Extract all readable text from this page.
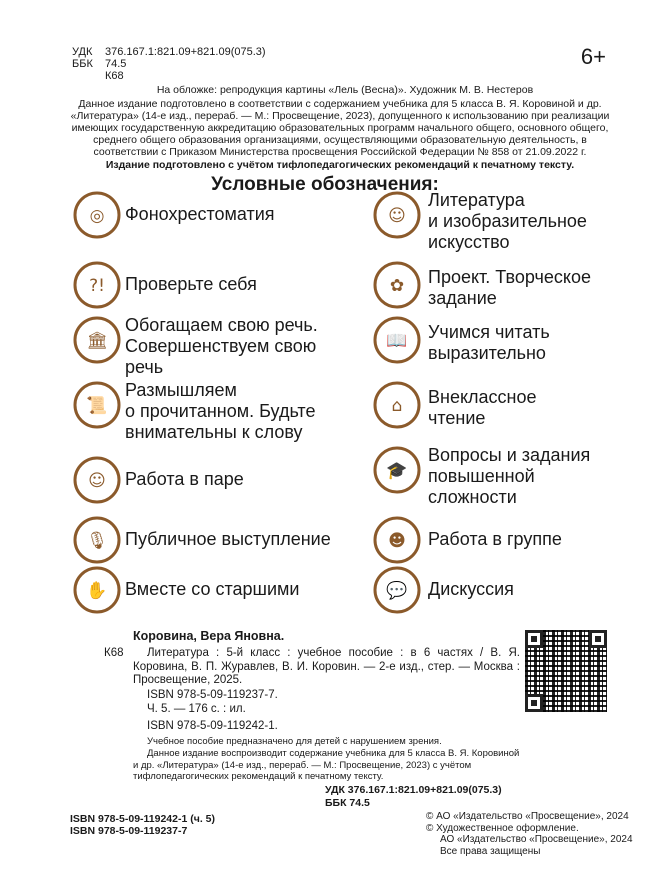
УДК 376.167.1:821.09+821.09(075.3)
ББК 74.5
К68
6+
На обложке: репродукция картины «Лель (Весна)». Художник М. В. Нестеров
Данное издание подготовлено в соответствии с содержанием учебника для 5 класса В. Я. Коровиной и др. «Литература» (14-е изд., перераб. — М.: Просвещение, 2023), допущенного к использованию при реализации имеющих государственную аккредитацию образовательных программ начального общего, основного общего, среднего общего образования организациями, осуществляющими образовательную деятельность, в соответствии с Приказом Министерства просвещения Российской Федерации № 858 от 21.09.2022 г.
Издание подготовлено с учётом тифлопедагогических рекомендаций к печатному тексту.
Условные обозначения:
◎ Фонохрестоматия
?! Проверьте себя
🏛
Обогащаем свою речь.
Совершенствуем свою
речь
📜
Размышляем
о прочитанном. Будьте
внимательны к слову
☺ Работа в паре
🎙 Публичное выступление
✋ Вместе со старшими
☺
Литература
и изобразительное
искусство
✿ Проект. Творческое
задание
📖 Учимся читать
выразительно
⌂ Внеклассное
чтение
🎓
Вопросы и задания
повышенной
сложности
☻ Работа в группе
💬 Дискуссия
Коровина, Вера Яновна.
К68	Литература : 5-й класс : учебное пособие : в 6 частях / В. Я. Коровина, В. П. Журавлев, В. И. Коровин. — 2-е изд., стер. — Москва : Просвещение, 2025.
ISBN 978-5-09-119237-7.
Ч. 5. — 176 с. : ил.
ISBN 978-5-09-119242-1.
Учебное пособие предназначено для детей с нарушением зрения.
Данное издание воспроизводит содержание учебника для 5 класса В. Я. Коровиной и др. «Литература» (14-е изд., перераб. — М.: Просвещение, 2023) с учётом тифлопедагогических рекомендаций к печатному тексту.
УДК 376.167.1:821.09+821.09(075.3)
ББК 74.5
ISBN 978-5-09-119242-1 (ч. 5)
ISBN 978-5-09-119237-7
© АО «Издательство «Просвещение», 2024
© Художественное оформление.
АО «Издательство «Просвещение», 2024
Все права защищены
